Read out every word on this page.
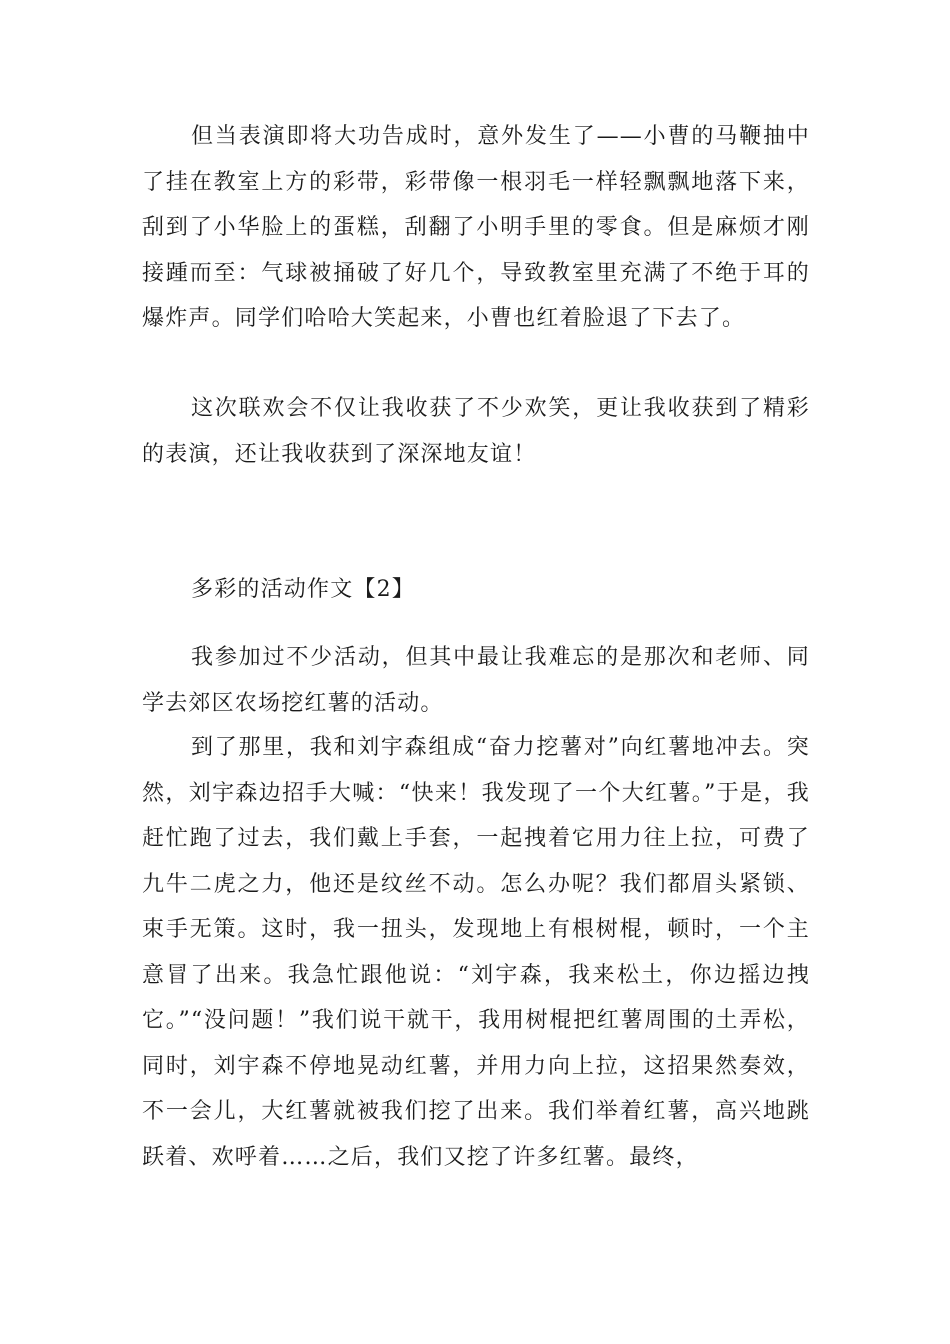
但当表演即将大功告成时，意外发生了——小曹的马鞭抽中了挂在教室上方的彩带，彩带像一根羽毛一样轻飘飘地落下来，刮到了小华脸上的蛋糕，刮翻了小明手里的零食。但是麻烦才刚接踵而至：气球被捅破了好几个，导致教室里充满了不绝于耳的爆炸声。同学们哈哈大笑起来，小曹也红着脸退了下去了。

这次联欢会不仅让我收获了不少欢笑，更让我收获到了精彩的表演，还让我收获到了深深地友谊！

多彩的活动作文【2】

我参加过不少活动，但其中最让我难忘的是那次和老师、同学去郊区农场挖红薯的活动。

到了那里，我和刘宇森组成“奋力挖薯对”向红薯地冲去。突然，刘宇森边招手大喊：“快来！我发现了一个大红薯。”于是，我赶忙跑了过去，我们戴上手套，一起拽着它用力往上拉，可费了九牛二虎之力，他还是纹丝不动。怎么办呢？我们都眉头紧锁、束手无策。这时，我一扭头，发现地上有根树棍，顿时，一个主意冒了出来。我急忙跟他说：“刘宇森，我来松土，你边摇边拽它。”“没问题！”我们说干就干，我用树棍把红薯周围的土弄松，同时，刘宇森不停地晃动红薯，并用力向上拉，这招果然奏效，不一会儿，大红薯就被我们挖了出来。我们举着红薯，高兴地跳跃着、欢呼着……之后，我们又挖了许多红薯。最终，
